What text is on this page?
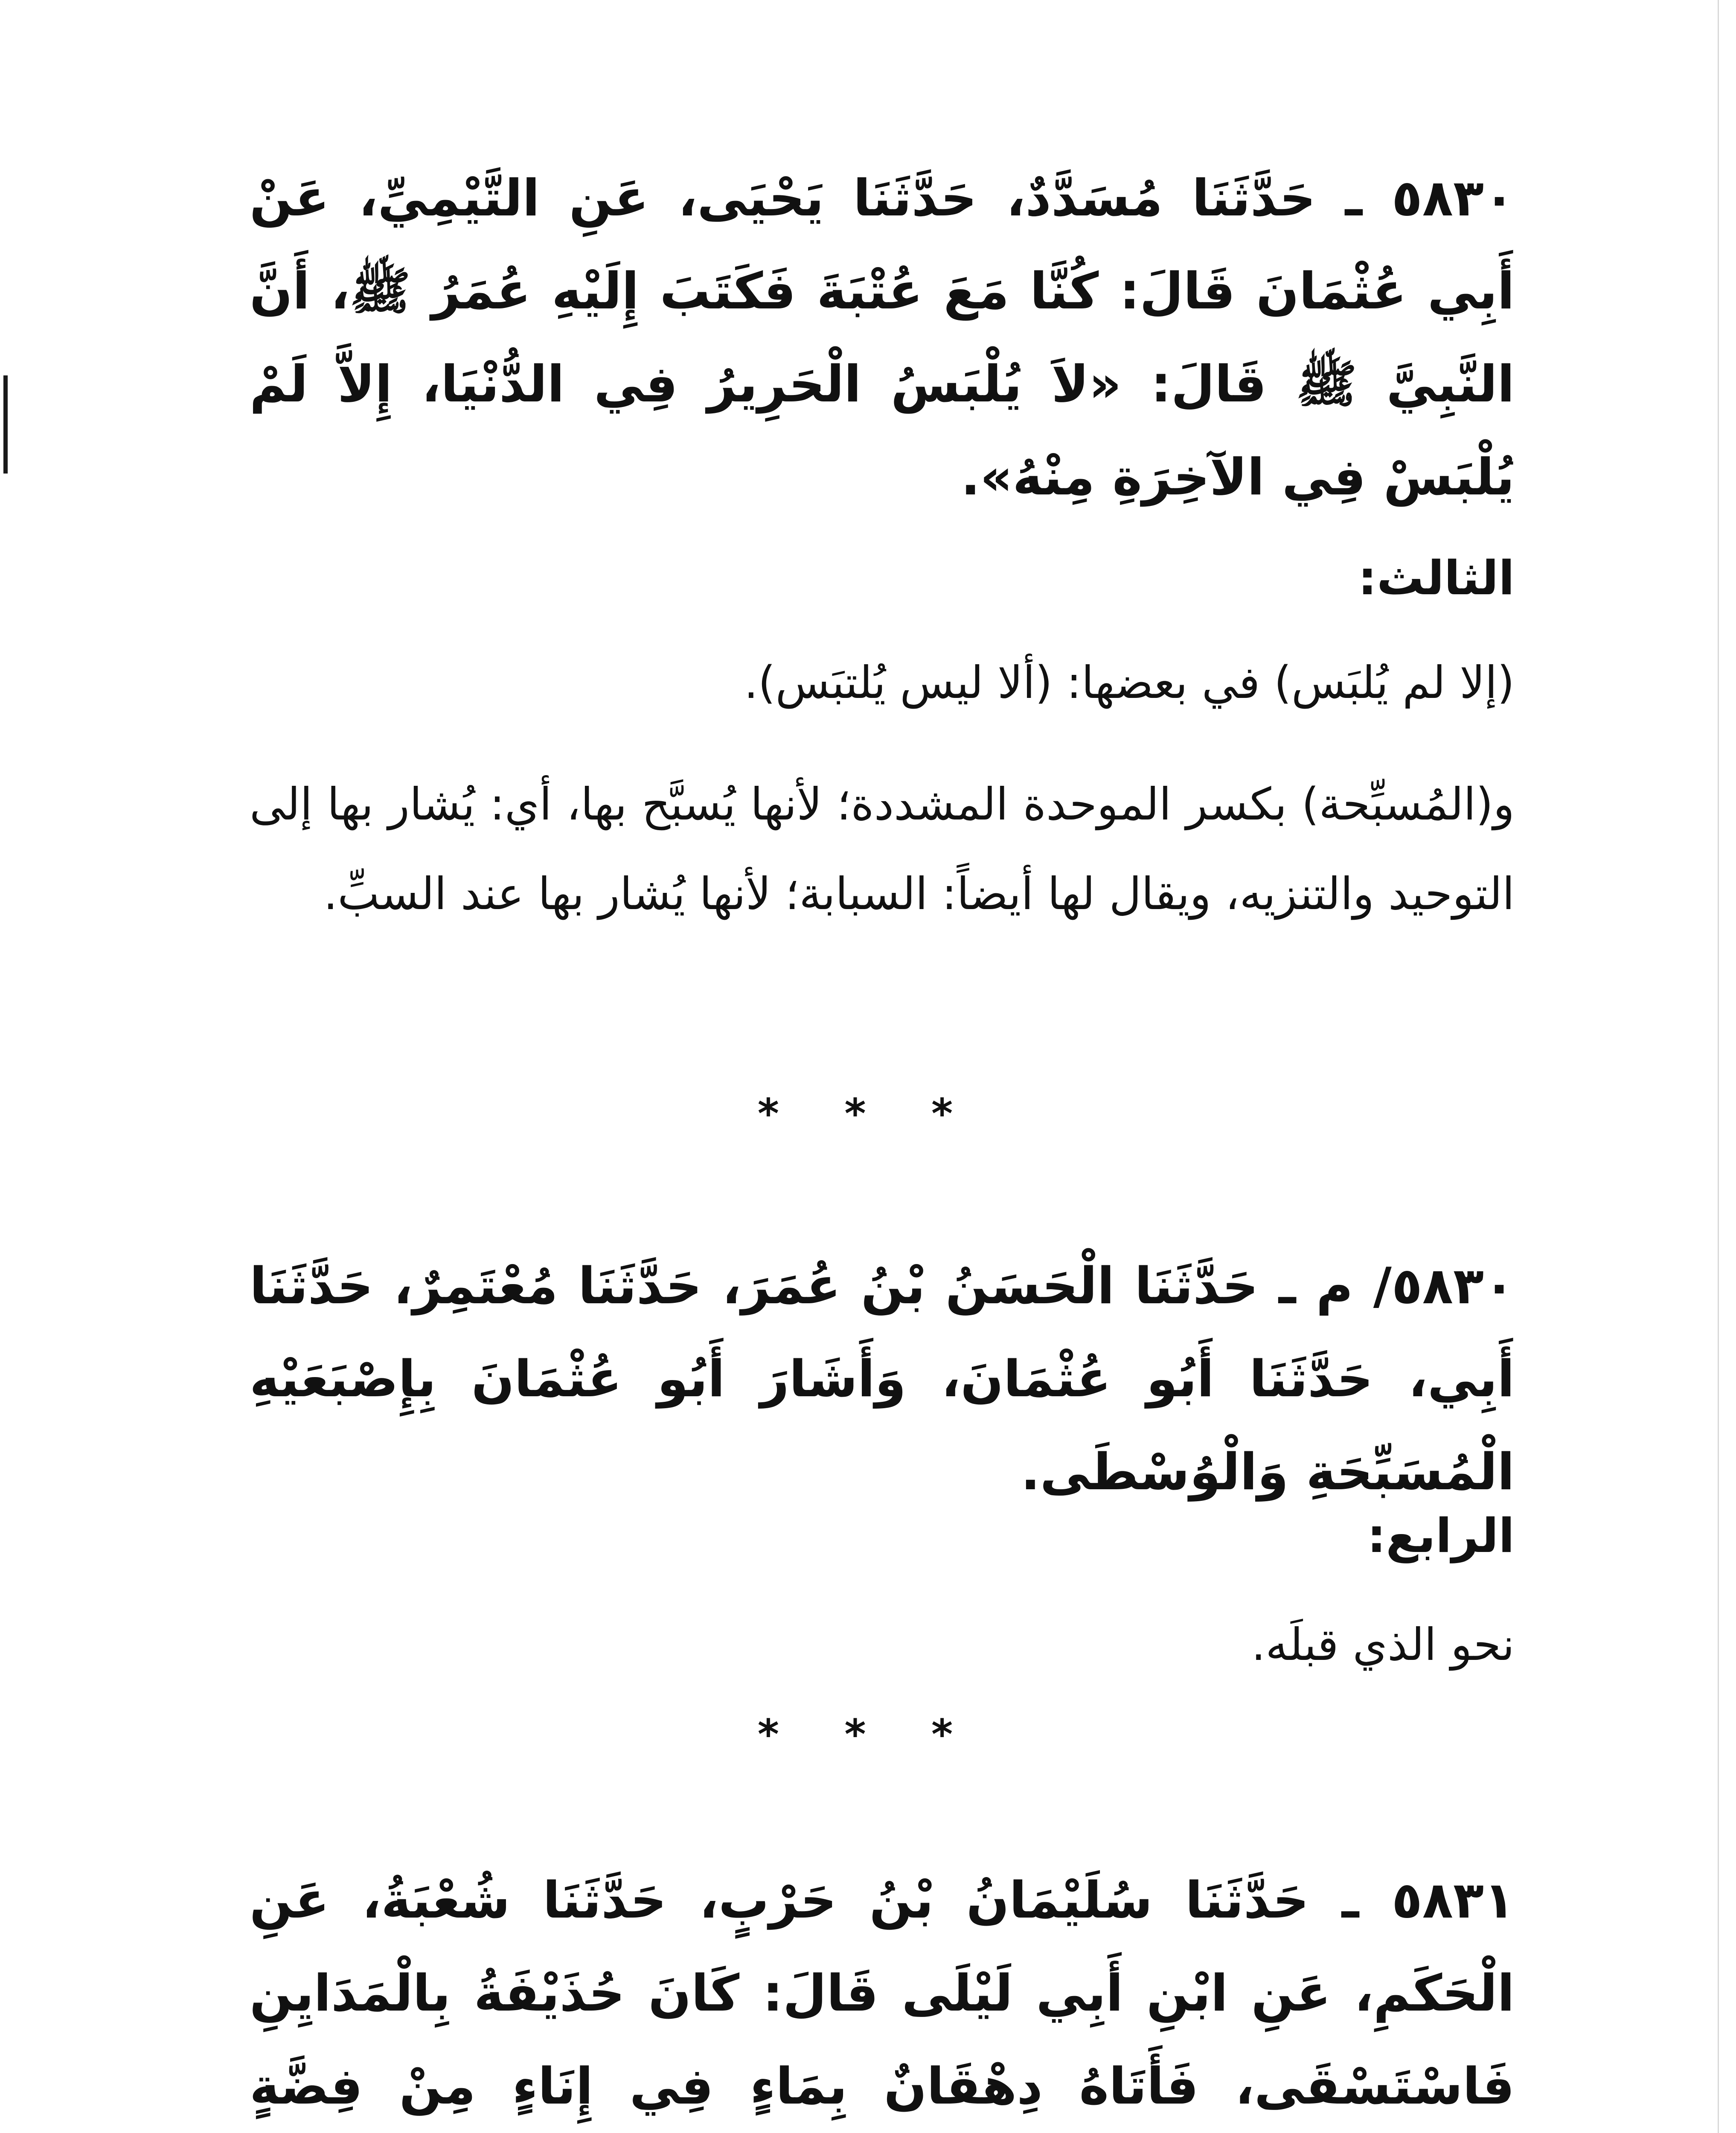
٥٨٣٠ ـ حَدَّثَنَا مُسَدَّدٌ، حَدَّثَنَا يَحْيَى، عَنِ التَّيْمِيِّ، عَنْ أَبِي عُثْمَانَ قَالَ: كُنَّا مَعَ عُتْبَةَ فَكَتَبَ إِلَيْهِ عُمَرُ ﷺ، أَنَّ النَّبِيَّ ﷺ قَالَ: «لاَ يُلْبَسُ الْحَرِيرُ فِي الدُّنْيَا، إِلاَّ لَمْ يُلْبَسْ فِي الآخِرَةِ مِنْهُ».

الثالث:

(إلا لم يُلبَس) في بعضها: (ألا ليس يُلتبَس).

و(المُسبِّحة) بكسر الموحدة المشددة؛ لأنها يُسبَّح بها، أي: يُشار بها إلى التوحيد والتنزيه، ويقال لها أيضاً: السبابة؛ لأنها يُشار بها عند السبِّ.

* * *

٥٨٣٠/ م ـ حَدَّثَنَا الْحَسَنُ بْنُ عُمَرَ، حَدَّثَنَا مُعْتَمِرٌ، حَدَّثَنَا أَبِي، حَدَّثَنَا أَبُو عُثْمَانَ، وَأَشَارَ أَبُو عُثْمَانَ بِإِصْبَعَيْهِ الْمُسَبِّحَةِ وَالْوُسْطَى.

الرابع:

نحو الذي قبلَه.

* * *

٥٨٣١ ـ حَدَّثَنَا سُلَيْمَانُ بْنُ حَرْبٍ، حَدَّثَنَا شُعْبَةُ، عَنِ الْحَكَمِ، عَنِ ابْنِ أَبِي لَيْلَى قَالَ: كَانَ حُذَيْفَةُ بِالْمَدَايِنِ فَاسْتَسْقَى، فَأَتَاهُ دِهْقَانٌ بِمَاءٍ فِي إِنَاءٍ مِنْ فِضَّةٍ
